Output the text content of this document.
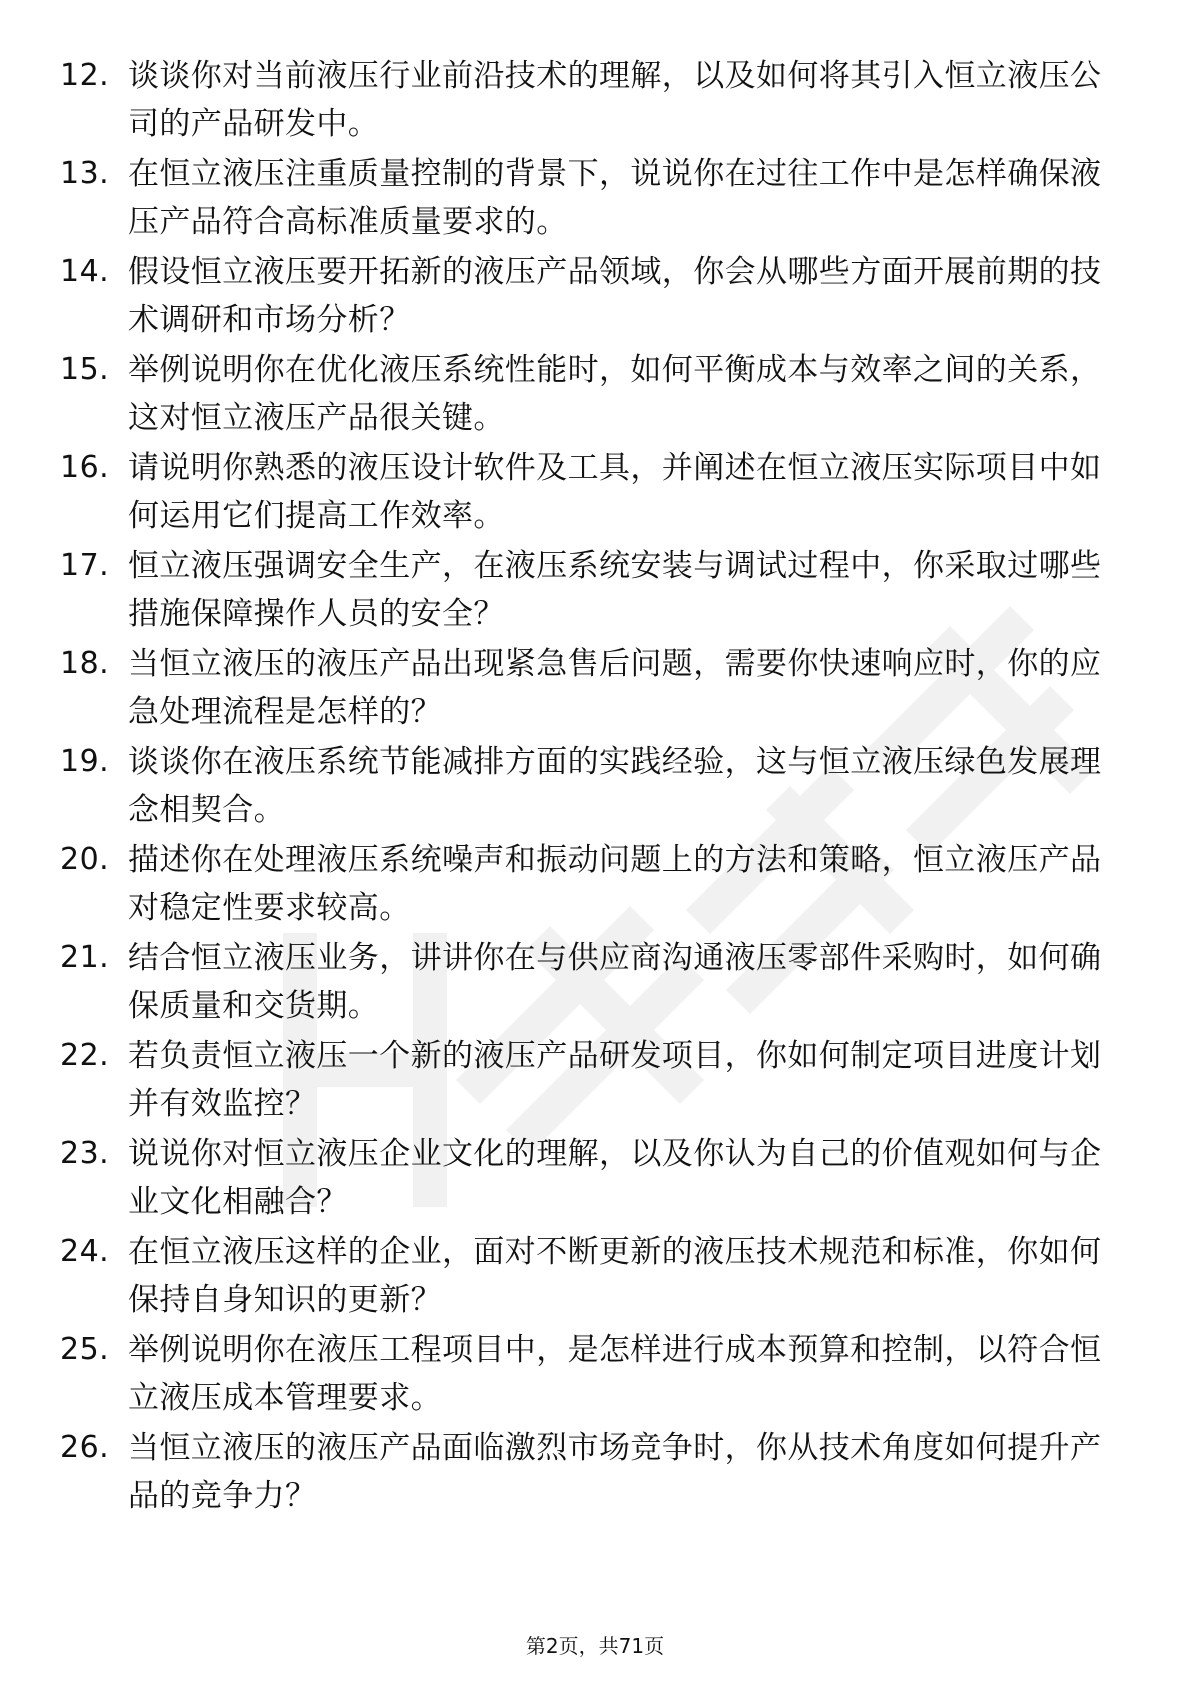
12. 谈谈你对当前液压行业前沿技术的理解，以及如何将其引入恒立液压公司的产品研发中。
13. 在恒立液压注重质量控制的背景下，说说你在过往工作中是怎样确保液压产品符合高标准质量要求的。
14. 假设恒立液压要开拓新的液压产品领域，你会从哪些方面开展前期的技术调研和市场分析？
15. 举例说明你在优化液压系统性能时，如何平衡成本与效率之间的关系，这对恒立液压产品很关键。
16. 请说明你熟悉的液压设计软件及工具，并阐述在恒立液压实际项目中如何运用它们提高工作效率。
17. 恒立液压强调安全生产，在液压系统安装与调试过程中，你采取过哪些措施保障操作人员的安全？
18. 当恒立液压的液压产品出现紧急售后问题，需要你快速响应时，你的应急处理流程是怎样的？
19. 谈谈你在液压系统节能减排方面的实践经验，这与恒立液压绿色发展理念相契合。
20. 描述你在处理液压系统噪声和振动问题上的方法和策略，恒立液压产品对稳定性要求较高。
21. 结合恒立液压业务，讲讲你在与供应商沟通液压零部件采购时，如何确保质量和交货期。
22. 若负责恒立液压一个新的液压产品研发项目，你如何制定项目进度计划并有效监控？
23. 说说你对恒立液压企业文化的理解，以及你认为自己的价值观如何与企业文化相融合？
24. 在恒立液压这样的企业，面对不断更新的液压技术规范和标准，你如何保持自身知识的更新？
25. 举例说明你在液压工程项目中，是怎样进行成本预算和控制，以符合恒立液压成本管理要求。
26. 当恒立液压的液压产品面临激烈市场竞争时，你从技术角度如何提升产品的竞争力？
第2页，共71页
